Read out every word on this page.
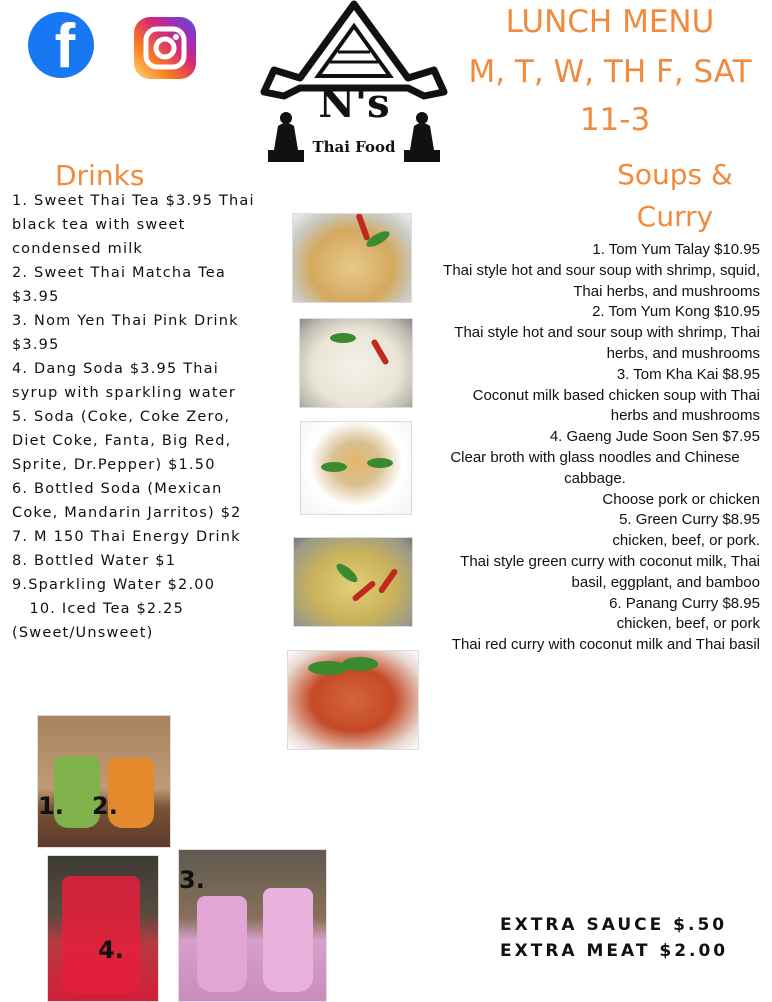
f
N's
Thai Food
LUNCH MENU
M, T, W, TH F, SAT
11-3
Drinks
1. Sweet Thai Tea $3.95 Thai black tea with sweet condensed milk
2. Sweet Thai Matcha Tea $3.95
3. Nom Yen Thai Pink Drink $3.95
4. Dang Soda $3.95 Thai syrup with sparkling water
5. Soda (Coke, Coke Zero, Diet Coke, Fanta, Big Red, Sprite, Dr.Pepper) $1.50
6. Bottled Soda (Mexican Coke, Mandarin Jarritos) $2
7. M 150 Thai Energy Drink
8. Bottled Water $1
9.Sparkling Water $2.00
10. Iced Tea $2.25 (Sweet/Unsweet)
Soups & Curry
1. Tom Yum Talay $10.95
Thai style hot and sour soup with shrimp, squid, Thai herbs, and mushrooms
2. Tom Yum Kong $10.95
Thai style hot and sour soup with shrimp, Thai herbs, and mushrooms
3. Tom Kha Kai $8.95
Coconut milk based chicken soup with Thai herbs and mushrooms
4. Gaeng Jude Soon Sen $7.95
Clear broth with glass noodles and Chinese cabbage.
Choose pork or chicken
5. Green Curry $8.95
chicken, beef, or pork.
Thai style green curry with coconut milk, Thai basil, eggplant, and bamboo
6. Panang Curry $8.95
chicken, beef, or pork
Thai red curry with coconut milk and Thai basil
1. 2.
4.
3.
EXTRA SAUCE $.50
EXTRA MEAT $2.00
